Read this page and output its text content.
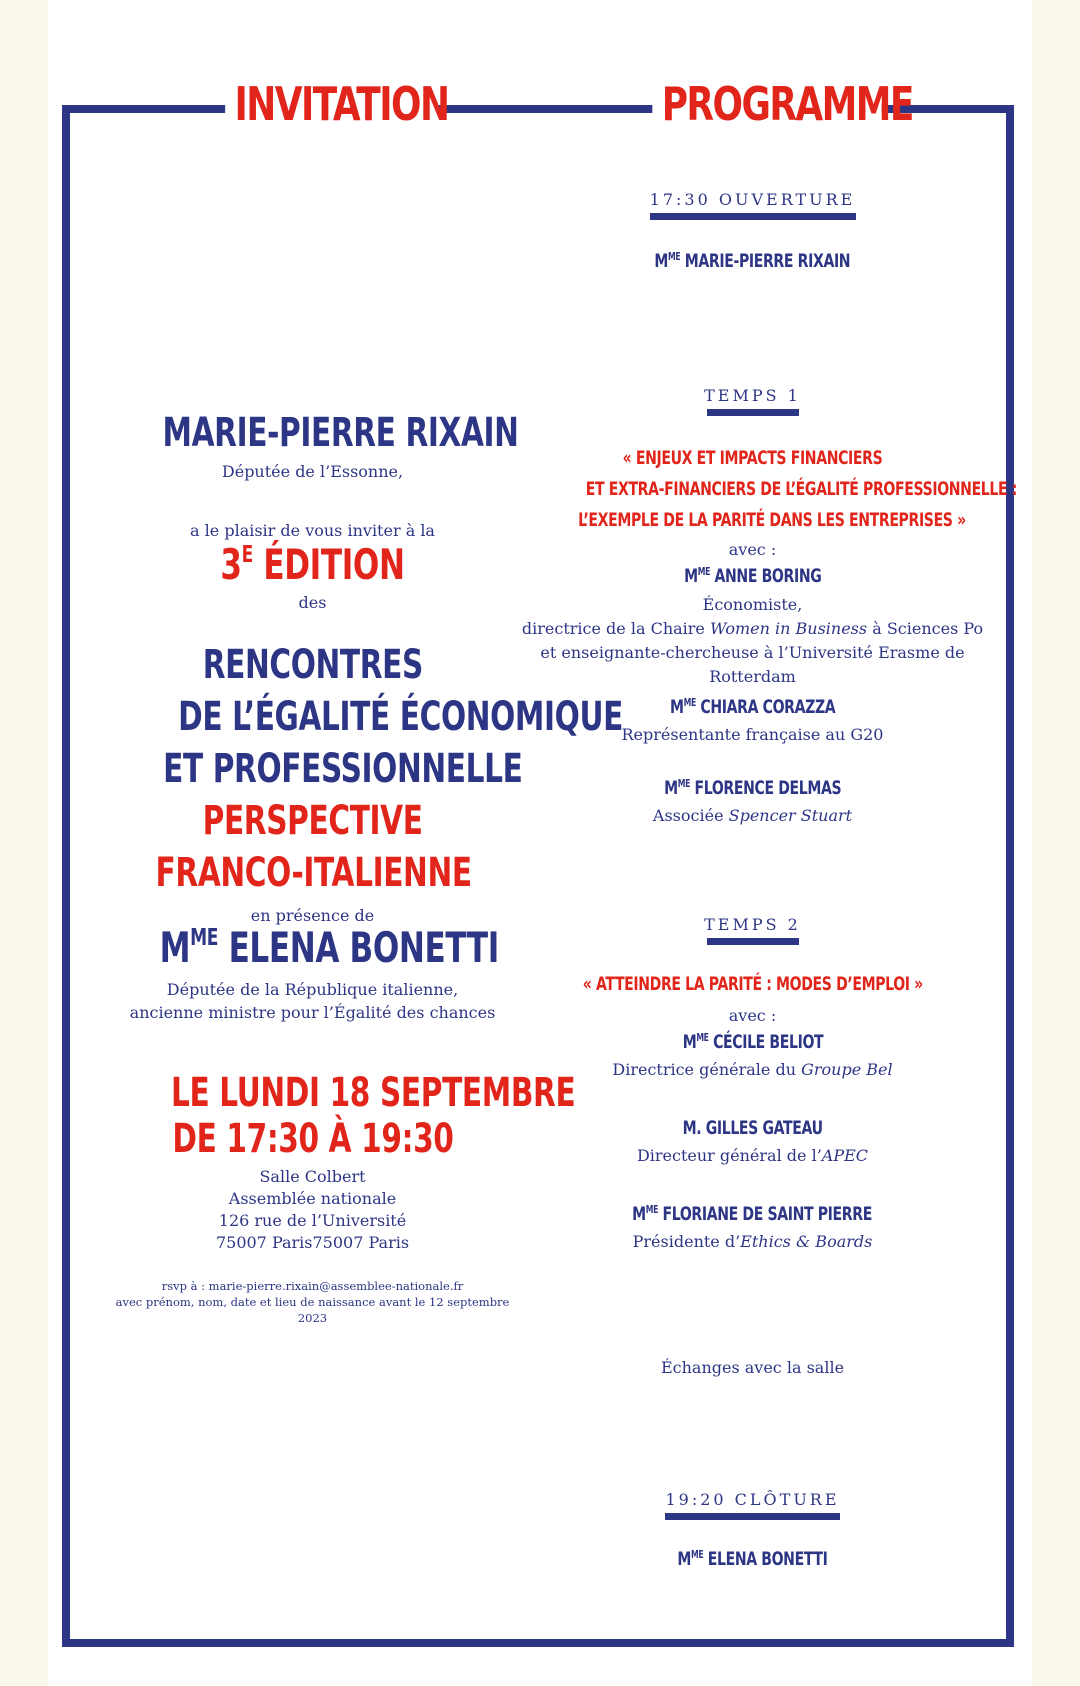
INVITATION	PROGRAMME
MARIE-PIERRE RIXAIN
Députée de l’Essonne,
a le plaisir de vous inviter à la
$3^E$ ÉDITION
des
RENCONTRES
DE L’ÉGALITÉ ÉCONOMIQUE
ET PROFESSIONNELLE
PERSPECTIVE
FRANCO-ITALIENNE
en présence de
$M^{ME}$ ELENA BONETTI
Députée de la République italienne,
ancienne ministre pour l’Égalité des chances
LE LUNDI 18 SEPTEMBRE
DE 17:30 À 19:30
Salle Colbert
Assemblée nationale
126 rue de l’Université
75007 Paris75007 Paris
rsvp à : marie-pierre.rixain@assemblee-nationale.fr
avec prénom, nom, date et lieu de naissance avant le 12 septembre 2023
17:30 OUVERTURE
$M^{ME}$ MARIE-PIERRE RIXAIN
TEMPS 1
« ENJEUX ET IMPACTS FINANCIERS
ET EXTRA-FINANCIERS DE L’ÉGALITÉ PROFESSIONNELLE :
L’EXEMPLE DE LA PARITÉ DANS LES ENTREPRISES »
avec :
$M^{ME}$ ANNE BORING
Économiste,
directrice de la Chaire Women in Business à Sciences Po
et enseignante-chercheuse à l’Université Erasme de Rotterdam
$M^{ME}$ CHIARA CORAZZA
Représentante française au G20
$M^{ME}$ FLORENCE DELMAS
Associée Spencer Stuart
TEMPS 2
« ATTEINDRE LA PARITÉ : MODES D’EMPLOI »
avec :
$M^{ME}$ CÉCILE BELIOT
Directrice générale du Groupe Bel
M. GILLES GATEAU
Directeur général de l’APEC
$M^{ME}$ FLORIANE DE SAINT PIERRE
Présidente d’Ethics & Boards
Échanges avec la salle
19:20 CLÔTURE
$M^{ME}$ ELENA BONETTI
